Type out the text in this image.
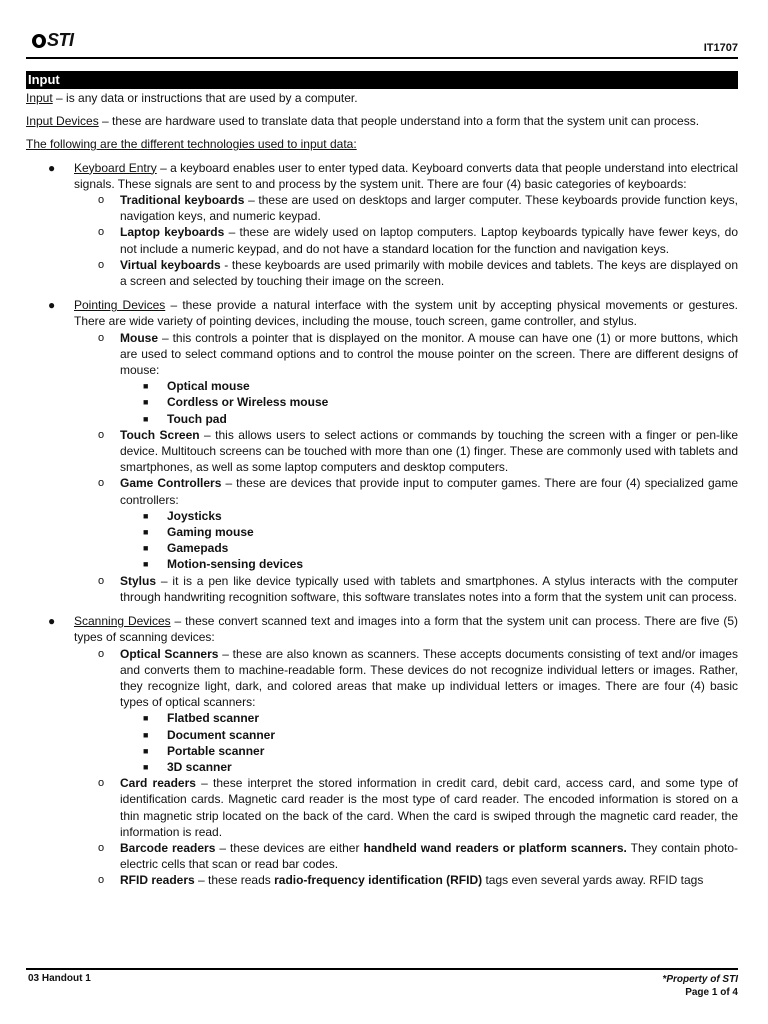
STI	IT1707
Input

Input – is any data or instructions that are used by a computer.

Input Devices – these are hardware used to translate data that people understand into a form that the system unit can process.

The following are the different technologies used to input data:

● Keyboard Entry – a keyboard enables user to enter typed data. Keyboard converts data that people understand into electrical signals. These signals are sent to and process by the system unit. There are four (4) basic categories of keyboards:
o Traditional keyboards – these are used on desktops and larger computer. These keyboards provide function keys, navigation keys, and numeric keypad.
o Laptop keyboards – these are widely used on laptop computers. Laptop keyboards typically have fewer keys, do not include a numeric keypad, and do not have a standard location for the function and navigation keys.
o Virtual keyboards - these keyboards are used primarily with mobile devices and tablets. The keys are displayed on a screen and selected by touching their image on the screen.
● Pointing Devices – these provide a natural interface with the system unit by accepting physical movements or gestures. There are wide variety of pointing devices, including the mouse, touch screen, game controller, and stylus.
o Mouse – this controls a pointer that is displayed on the monitor. A mouse can have one (1) or more buttons, which are used to select command options and to control the mouse pointer on the screen. There are different designs of mouse:
■ Optical mouse
■ Cordless or Wireless mouse
■ Touch pad
o Touch Screen – this allows users to select actions or commands by touching the screen with a finger or pen-like device. Multitouch screens can be touched with more than one (1) finger. These are commonly used with tablets and smartphones, as well as some laptop computers and desktop computers.
o Game Controllers – these are devices that provide input to computer games. There are four (4) specialized game controllers:
■ Joysticks
■ Gaming mouse
■ Gamepads
■ Motion-sensing devices
o Stylus – it is a pen like device typically used with tablets and smartphones. A stylus interacts with the computer through handwriting recognition software, this software translates notes into a form that the system unit can process.
● Scanning Devices – these convert scanned text and images into a form that the system unit can process. There are five (5) types of scanning devices:
o Optical Scanners – these are also known as scanners. These accepts documents consisting of text and/or images and converts them to machine-readable form. These devices do not recognize individual letters or images. Rather, they recognize light, dark, and colored areas that make up individual letters or images. There are four (4) basic types of optical scanners:
■ Flatbed scanner
■ Document scanner
■ Portable scanner
■ 3D scanner
o Card readers – these interpret the stored information in credit card, debit card, access card, and some type of identification cards. Magnetic card reader is the most type of card reader. The encoded information is stored on a thin magnetic strip located on the back of the card. When the card is swiped through the magnetic card reader, the information is read.
o Barcode readers – these devices are either handheld wand readers or platform scanners. They contain photo-electric cells that scan or read bar codes.
o RFID readers – these reads radio-frequency identification (RFID) tags even several yards away. RFID tags
03 Handout 1	*Property of STI
Page 1 of 4
